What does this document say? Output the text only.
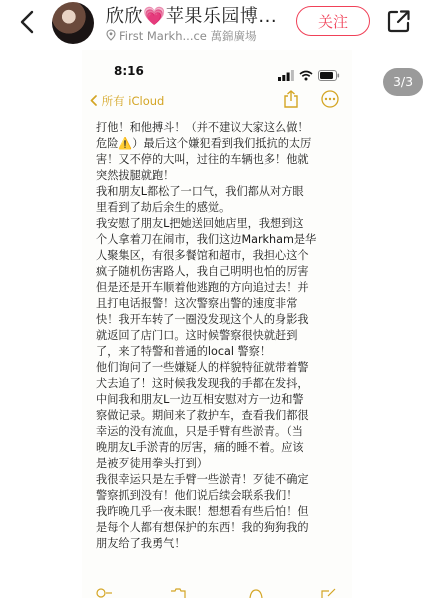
欣欣💗苹果乐园博...
First Markh...ce 萬錦廣場
关注
8:16

所有 iCloud

打他！和他搏斗！（并不建议大家这么做！

危险⚠️）最后这个嫌犯看到我们抵抗的太厉

害！又不停的大叫，过往的车辆也多！他就

突然拔腿就跑！

我和朋友L都松了一口气，我们都从对方眼

里看到了劫后余生的感觉。

我安慰了朋友L把她送回她店里，我想到这

个人拿着刀在闹市，我们这边Markham是华

人聚集区，有很多餐馆和超市，我担心这个

疯子随机伤害路人，我自己明明也怕的厉害

但是还是开车顺着他逃跑的方向追过去！并

且打电话报警！这次警察出警的速度非常

快！我开车转了一圈没发现这个人的身影我

就返回了店门口。这时候警察很快就赶到

了，来了特警和普通的local 警察！

他们询问了一些嫌疑人的样貌特征就带着警

犬去追了！这时候我发现我的手都在发抖，

中间我和朋友L一边互相安慰对方一边和警

察做记录。期间来了救护车，查看我们都很

幸运的没有流血，只是手臂有些淤青。（当

晚朋友L手淤青的厉害，痛的睡不着。应该

是被歹徒用拳头打到）

我很幸运只是左手臂一些淤青！歹徒不确定

警察抓到没有！他们说后续会联系我们！

我昨晚几乎一夜未眠！想想看有些后怕！但

是每个人都有想保护的东西！我的狗狗我的

朋友给了我勇气！

3/3
